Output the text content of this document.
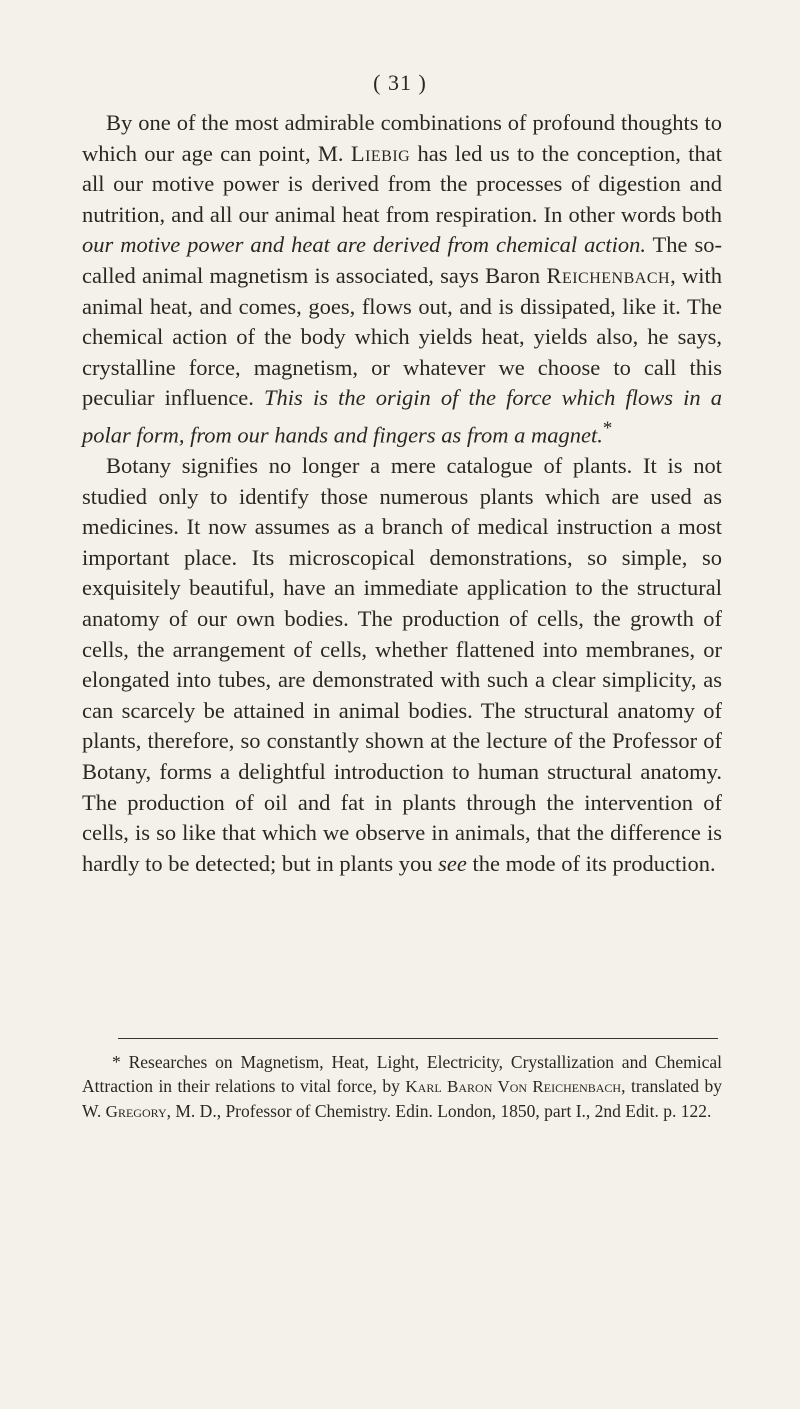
( 31 )

By one of the most admirable combinations of profound thoughts to which our age can point, M. Liebig has led us to the conception, that all our motive power is derived from the processes of digestion and nutrition, and all our animal heat from respiration. In other words both our motive power and heat are derived from chemical action. The so-called animal magnetism is associated, says Baron Reichenbach, with animal heat, and comes, goes, flows out, and is dissipated, like it. The chemical action of the body which yields heat, yields also, he says, crystalline force, magnetism, or whatever we choose to call this peculiar influence. This is the origin of the force which flows in a polar form, from our hands and fingers as from a magnet.*

Botany signifies no longer a mere catalogue of plants. It is not studied only to identify those numerous plants which are used as medicines. It now assumes as a branch of medical instruction a most important place. Its microscopical demonstrations, so simple, so exquisitely beautiful, have an immediate application to the structural anatomy of our own bodies. The production of cells, the growth of cells, the arrangement of cells, whether flattened into membranes, or elongated into tubes, are demonstrated with such a clear simplicity, as can scarcely be attained in animal bodies. The structural anatomy of plants, therefore, so constantly shown at the lecture of the Professor of Botany, forms a delightful introduction to human structural anatomy. The production of oil and fat in plants through the intervention of cells, is so like that which we observe in animals, that the difference is hardly to be detected; but in plants you see the mode of its production.

* Researches on Magnetism, Heat, Light, Electricity, Crystallization and Chemical Attraction in their relations to vital force, by Karl Baron Von Reichenbach, translated by W. Gregory, M. D., Professor of Chemistry. Edin. London, 1850, part I., 2nd Edit. p. 122.
